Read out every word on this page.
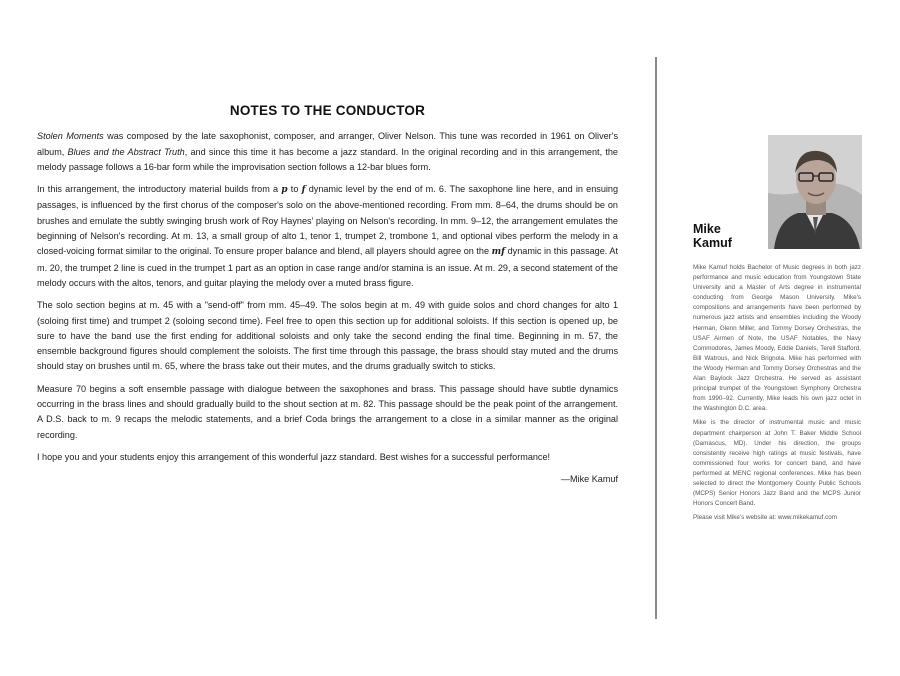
NOTES TO THE CONDUCTOR

Stolen Moments was composed by the late saxophonist, composer, and arranger, Oliver Nelson. This tune was recorded in 1961 on Oliver's album, Blues and the Abstract Truth, and since this time it has become a jazz standard. In the original recording and in this arrangement, the melody passage follows a 16-bar form while the improvisation section follows a 12-bar blues form.

In this arrangement, the introductory material builds from a p to f dynamic level by the end of m. 6. The saxophone line here, and in ensuing passages, is influenced by the first chorus of the composer's solo on the above-mentioned recording. From mm. 8–64, the drums should be on brushes and emulate the subtly swinging brush work of Roy Haynes' playing on Nelson's recording. In mm. 9–12, the arrangement emulates the beginning of Nelson's recording. At m. 13, a small group of alto 1, tenor 1, trumpet 2, trombone 1, and optional vibes perform the melody in a closed-voicing format similar to the original. To ensure proper balance and blend, all players should agree on the mf dynamic in this passage. At m. 20, the trumpet 2 line is cued in the trumpet 1 part as an option in case range and/or stamina is an issue. At m. 29, a second statement of the melody occurs with the altos, tenors, and guitar playing the melody over a muted brass figure.

The solo section begins at m. 45 with a "send-off" from mm. 45–49. The solos begin at m. 49 with guide solos and chord changes for alto 1 (soloing first time) and trumpet 2 (soloing second time). Feel free to open this section up for additional soloists. If this section is opened up, be sure to have the band use the first ending for additional soloists and only take the second ending the final time. Beginning in m. 57, the ensemble background figures should complement the soloists. The first time through this passage, the brass should stay muted and the drums should stay on brushes until m. 65, where the brass take out their mutes, and the drums gradually switch to sticks.

Measure 70 begins a soft ensemble passage with dialogue between the saxophones and brass. This passage should have subtle dynamics occurring in the brass lines and should gradually build to the shout section at m. 82. This passage should be the peak point of the arrangement. A D.S. back to m. 9 recaps the melodic statements, and a brief Coda brings the arrangement to a close in a similar manner as the original recording.

I hope you and your students enjoy this arrangement of this wonderful jazz standard. Best wishes for a successful performance!

—Mike Kamuf
Mike
Kamuf

Mike Kamuf holds Bachelor of Music degrees in both jazz performance and music education from Youngstown State University and a Master of Arts degree in instrumental conducting from George Mason University. Mike's compositions and arrangements have been performed by numerous jazz artists and ensembles including the Woody Herman, Glenn Miller, and Tommy Dorsey Orchestras, the USAF Airmen of Note, the USAF Notables, the Navy Commodores, James Moody, Eddie Daniels, Terell Stafford, Bill Watrous, and Nick Brignola. Mike has performed with the Woody Herman and Tommy Dorsey Orchestras and the Alan Baylock Jazz Orchestra. He served as assistant principal trumpet of the Youngstown Symphony Orchestra from 1990–92. Currently, Mike leads his own jazz octet in the Washington D.C. area.

Mike is the director of instrumental music and music department chairperson at John T. Baker Middle School (Damascus, MD). Under his direction, the groups consistently receive high ratings at music festivals, have commissioned four works for concert band, and have performed at MENC regional conferences. Mike has been selected to direct the Montgomery County Public Schools (MCPS) Senior Honors Jazz Band and the MCPS Junior Honors Concert Band.

Please visit Mike's website at: www.mikekamuf.com
